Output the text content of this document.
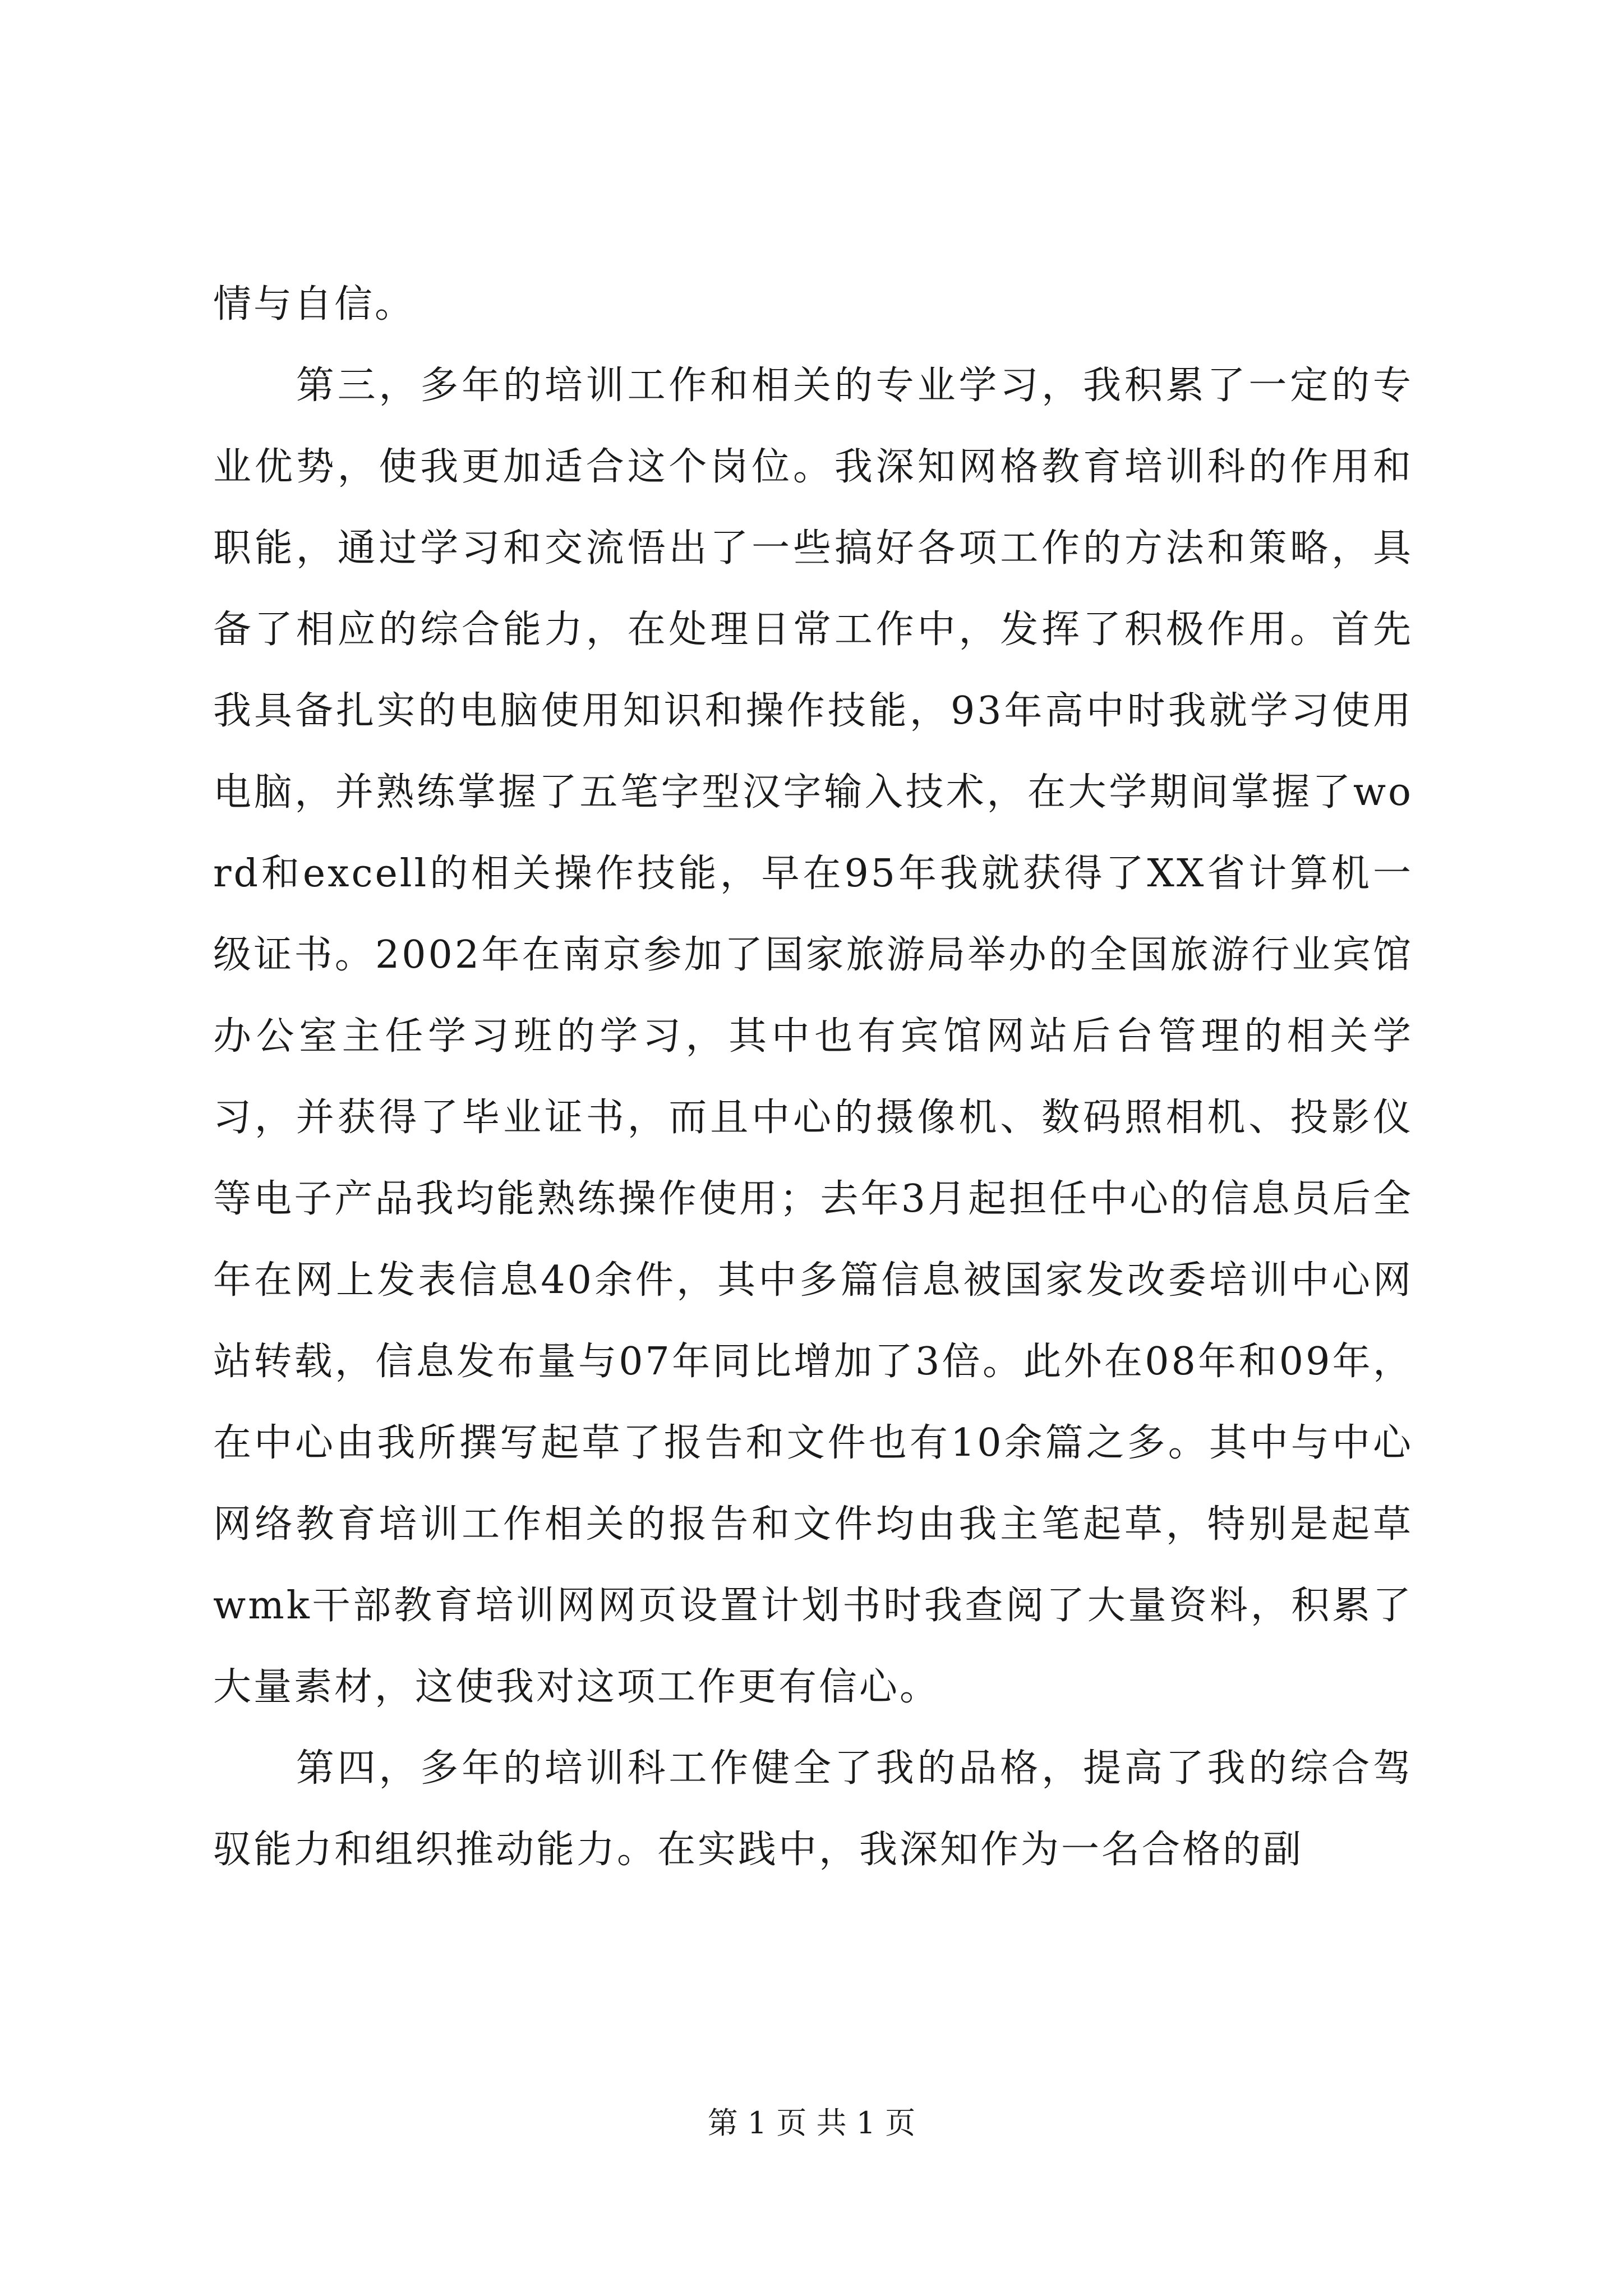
情与自信。

　　第三，多年的培训工作和相关的专业学习，我积累了一定的专业优势，使我更加适合这个岗位。我深知网格教育培训科的作用和职能，通过学习和交流悟出了一些搞好各项工作的方法和策略，具备了相应的综合能力，在处理日常工作中，发挥了积极作用。首先我具备扎实的电脑使用知识和操作技能，93年高中时我就学习使用电脑，并熟练掌握了五笔字型汉字输入技术，在大学期间掌握了word和excell的相关操作技能，早在95年我就获得了XX省计算机一级证书。2002年在南京参加了国家旅游局举办的全国旅游行业宾馆办公室主任学习班的学习，其中也有宾馆网站后台管理的相关学习，并获得了毕业证书，而且中心的摄像机、数码照相机、投影仪等电子产品我均能熟练操作使用；去年3月起担任中心的信息员后全年在网上发表信息40余件，其中多篇信息被国家发改委培训中心网站转载，信息发布量与07年同比增加了3倍。此外在08年和09年，在中心由我所撰写起草了报告和文件也有10余篇之多。其中与中心网络教育培训工作相关的报告和文件均由我主笔起草，特别是起草wmk干部教育培训网网页设置计划书时我查阅了大量资料，积累了大量素材，这使我对这项工作更有信心。

　　第四，多年的培训科工作健全了我的品格，提高了我的综合驾驭能力和组织推动能力。在实践中，我深知作为一名合格的副

第 1 页 共 1 页
